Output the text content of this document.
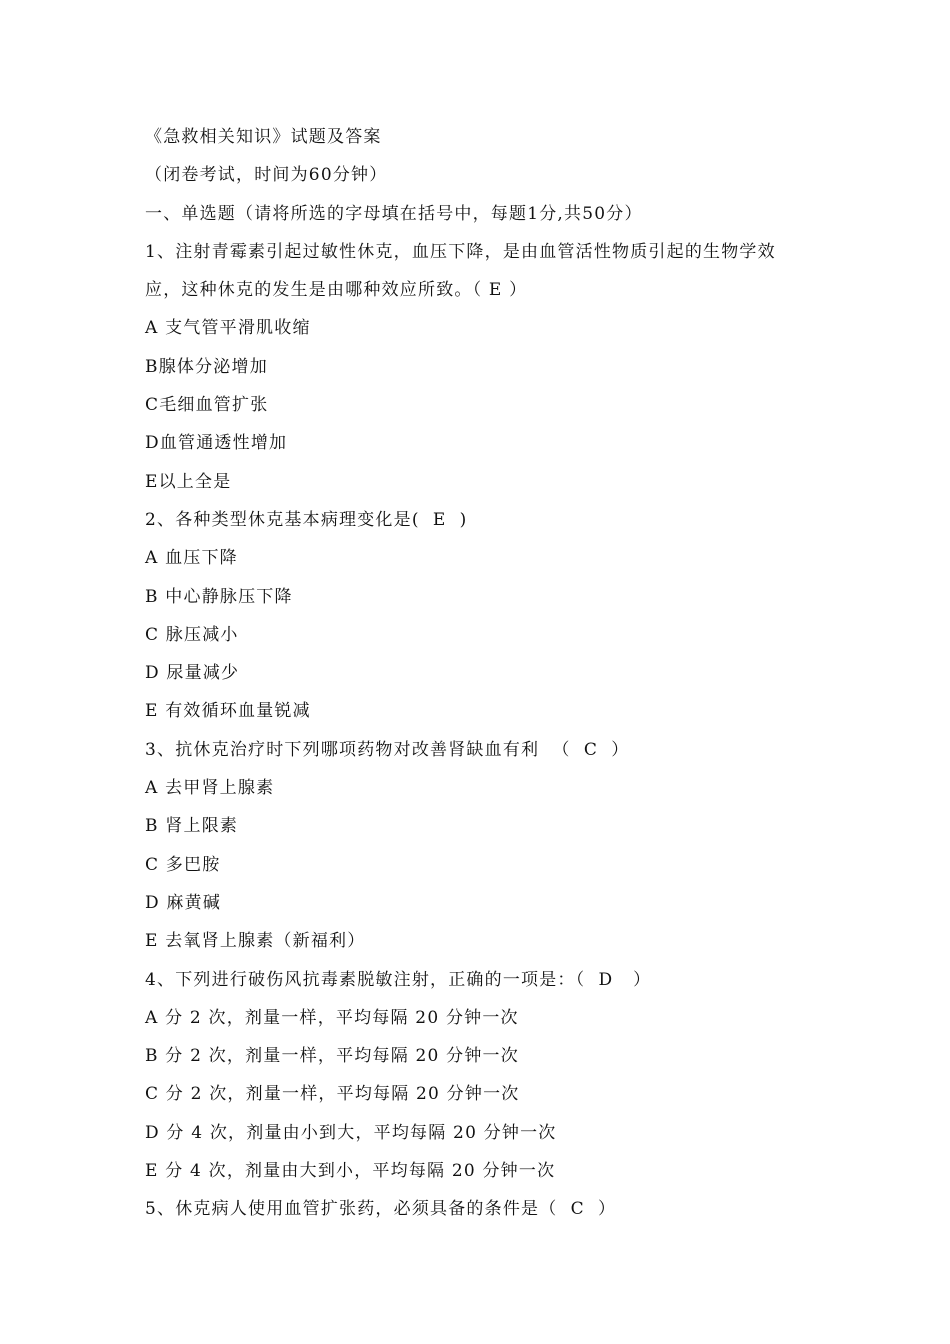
《急救相关知识》试题及答案
（闭卷考试，时间为60分钟）
一、单选题（请将所选的字母填在括号中，每题1分,共50分）
1、注射青霉素引起过敏性休克，血压下降，是由血管活性物质引起的生物学效
应，这种休克的发生是由哪种效应所致。（ E ）
A 支气管平滑肌收缩
B腺体分泌增加
C毛细血管扩张
D血管通透性增加
E以上全是
2、各种类型休克基本病理变化是(  E  )
A 血压下降
B 中心静脉压下降
C 脉压减小
D 尿量减少
E 有效循环血量锐减
3、抗休克治疗时下列哪项药物对改善肾缺血有利  （  C  ）
A 去甲肾上腺素
B 肾上限素
C 多巴胺
D 麻黄碱
E 去氧肾上腺素（新福利）
4、下列进行破伤风抗毒素脱敏注射，正确的一项是：（  D   ）
A 分 2 次，剂量一样，平均每隔 20 分钟一次
B 分 2 次，剂量一样，平均每隔 20 分钟一次
C 分 2 次，剂量一样，平均每隔 20 分钟一次
D 分 4 次，剂量由小到大，平均每隔 20 分钟一次
E 分 4 次，剂量由大到小，平均每隔 20 分钟一次
5、休克病人使用血管扩张药，必须具备的条件是（  C  ）
